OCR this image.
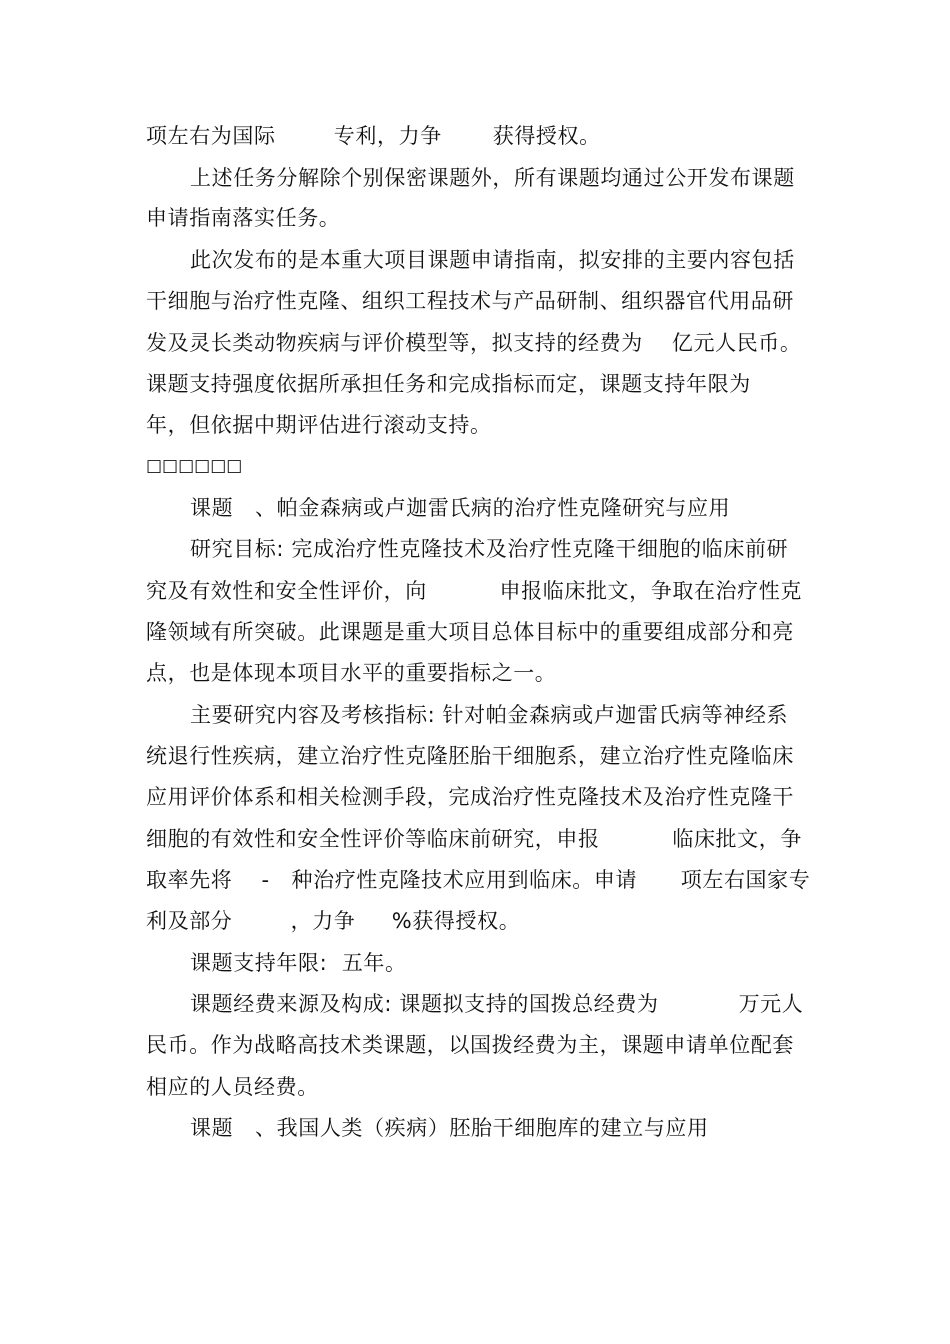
项左右为国际        专利，力争       获得授权。
上述任务分解除个别保密课题外，所有课题均通过公开发布课题
申请指南落实任务。
此次发布的是本重大项目课题申请指南，拟安排的主要内容包括
干细胞与治疗性克隆、组织工程技术与产品研制、组织器官代用品研
发及灵长类动物疾病与评价模型等，拟支持的经费为    亿元人民币。
课题支持强度依据所承担任务和完成指标而定，课题支持年限为
年，但依据中期评估进行滚动支持。
□□□□□□
课题   、帕金森病或卢迦雷氏病的治疗性克隆研究与应用
研究目标: 完成治疗性克隆技术及治疗性克隆干细胞的临床前研
究及有效性和安全性评价，向          申报临床批文，争取在治疗性克
隆领域有所突破。此课题是重大项目总体目标中的重要组成部分和亮
点，也是体现本项目水平的重要指标之一。
主要研究内容及考核指标: 针对帕金森病或卢迦雷氏病等神经系
统退行性疾病，建立治疗性克隆胚胎干细胞系，建立治疗性克隆临床
应用评价体系和相关检测手段，完成治疗性克隆技术及治疗性克隆干
细胞的有效性和安全性评价等临床前研究，申报          临床批文，争
取率先将    -   种治疗性克隆技术应用到临床。申请      项左右国家专
利及部分        ，力争     %获得授权。
课题支持年限:  五年。
课题经费来源及构成: 课题拟支持的国拨总经费为           万元人
民币。作为战略高技术类课题，以国拨经费为主，课题申请单位配套
相应的人员经费。
课题   、我国人类（疾病）胚胎干细胞库的建立与应用
